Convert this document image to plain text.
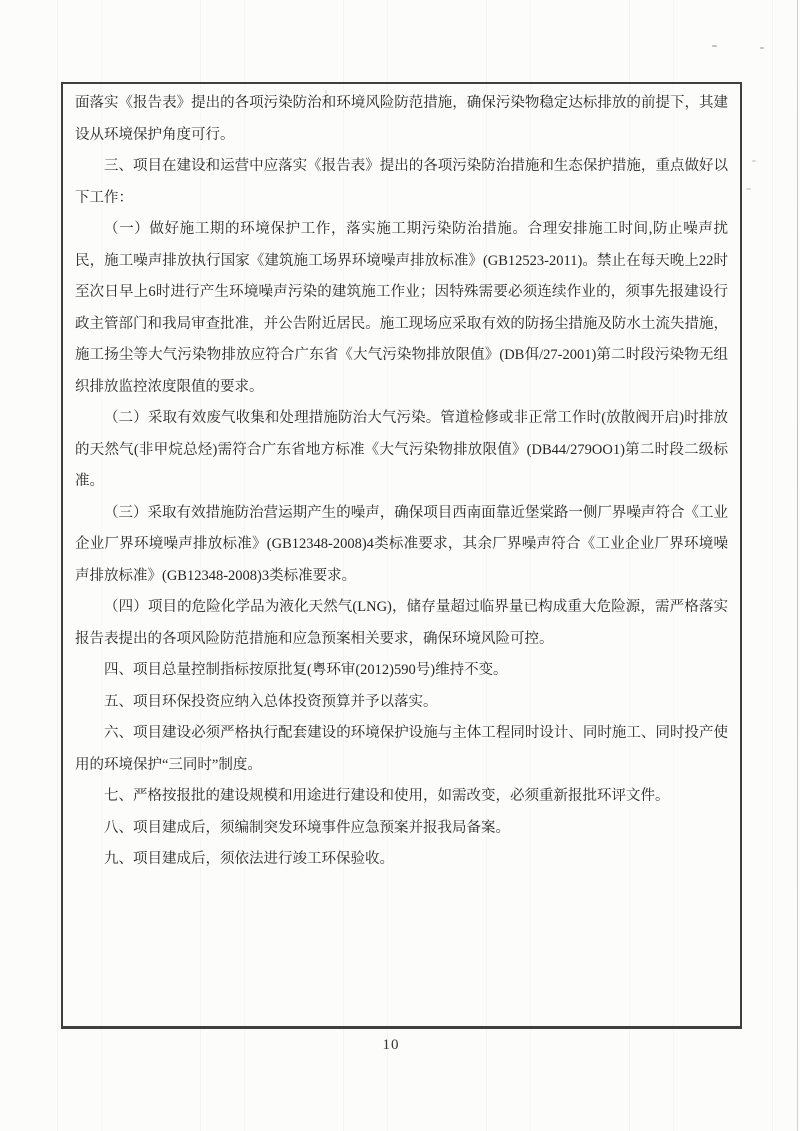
面落实《报告表》提出的各项污染防治和环境风险防范措施，确保污染物稳定达标排放的前提下，其建设从环境保护角度可行。

三、项目在建设和运营中应落实《报告表》提出的各项污染防治措施和生态保护措施，重点做好以下工作：

（一）做好施工期的环境保护工作，落实施工期污染防治措施。合理安排施工时间,防止噪声扰民，施工噪声排放执行国家《建筑施工场界环境噪声排放标准》(GB12523-2011)。禁止在每天晚上22时至次日早上6时进行产生环境噪声污染的建筑施工作业；因特殊需要必须连续作业的，须事先报建设行政主管部门和我局审查批准，并公告附近居民。施工现场应采取有效的防扬尘措施及防水土流失措施，施工扬尘等大气污染物排放应符合广东省《大气污染物排放限值》(DB佴/27-2001)第二时段污染物无组织排放监控浓度限值的要求。

（二）采取有效废气收集和处理措施防治大气污染。管道检修或非正常工作时(放散阀开启)时排放的天然气(非甲烷总烃)需符合广东省地方标准《大气污染物排放限值》(DB44/279OO1)第二时段二级标准。

（三）采取有效措施防治营运期产生的噪声，确保项目西南面靠近堡棠路一侧厂界噪声符合《工业企业厂界环境噪声排放标准》(GB12348-2008)4类标准要求，其余厂界噪声符合《工业企业厂界环境噪声排放标准》(GB12348-2008)3类标准要求。

（四）项目的危险化学品为液化天然气(LNG)，储存量超过临界量已构成重大危险源，需严格落实报告表提出的各项风险防范措施和应急预案相关要求，确保环境风险可控。

四、项目总量控制指标按原批复(粤环审(2012)590号)维持不变。

五、项目环保投资应纳入总体投资预算并予以落实。

六、项目建设必须严格执行配套建设的环境保护设施与主体工程同时设计、同时施工、同时投产使用的环境保护“三同时”制度。

七、严格按报批的建设规模和用途进行建设和使用，如需改变，必须重新报批环评文件。

八、项目建成后，须编制突发环境事件应急预案并报我局备案。

九、项目建成后，须依法进行竣工环保验收。

10
